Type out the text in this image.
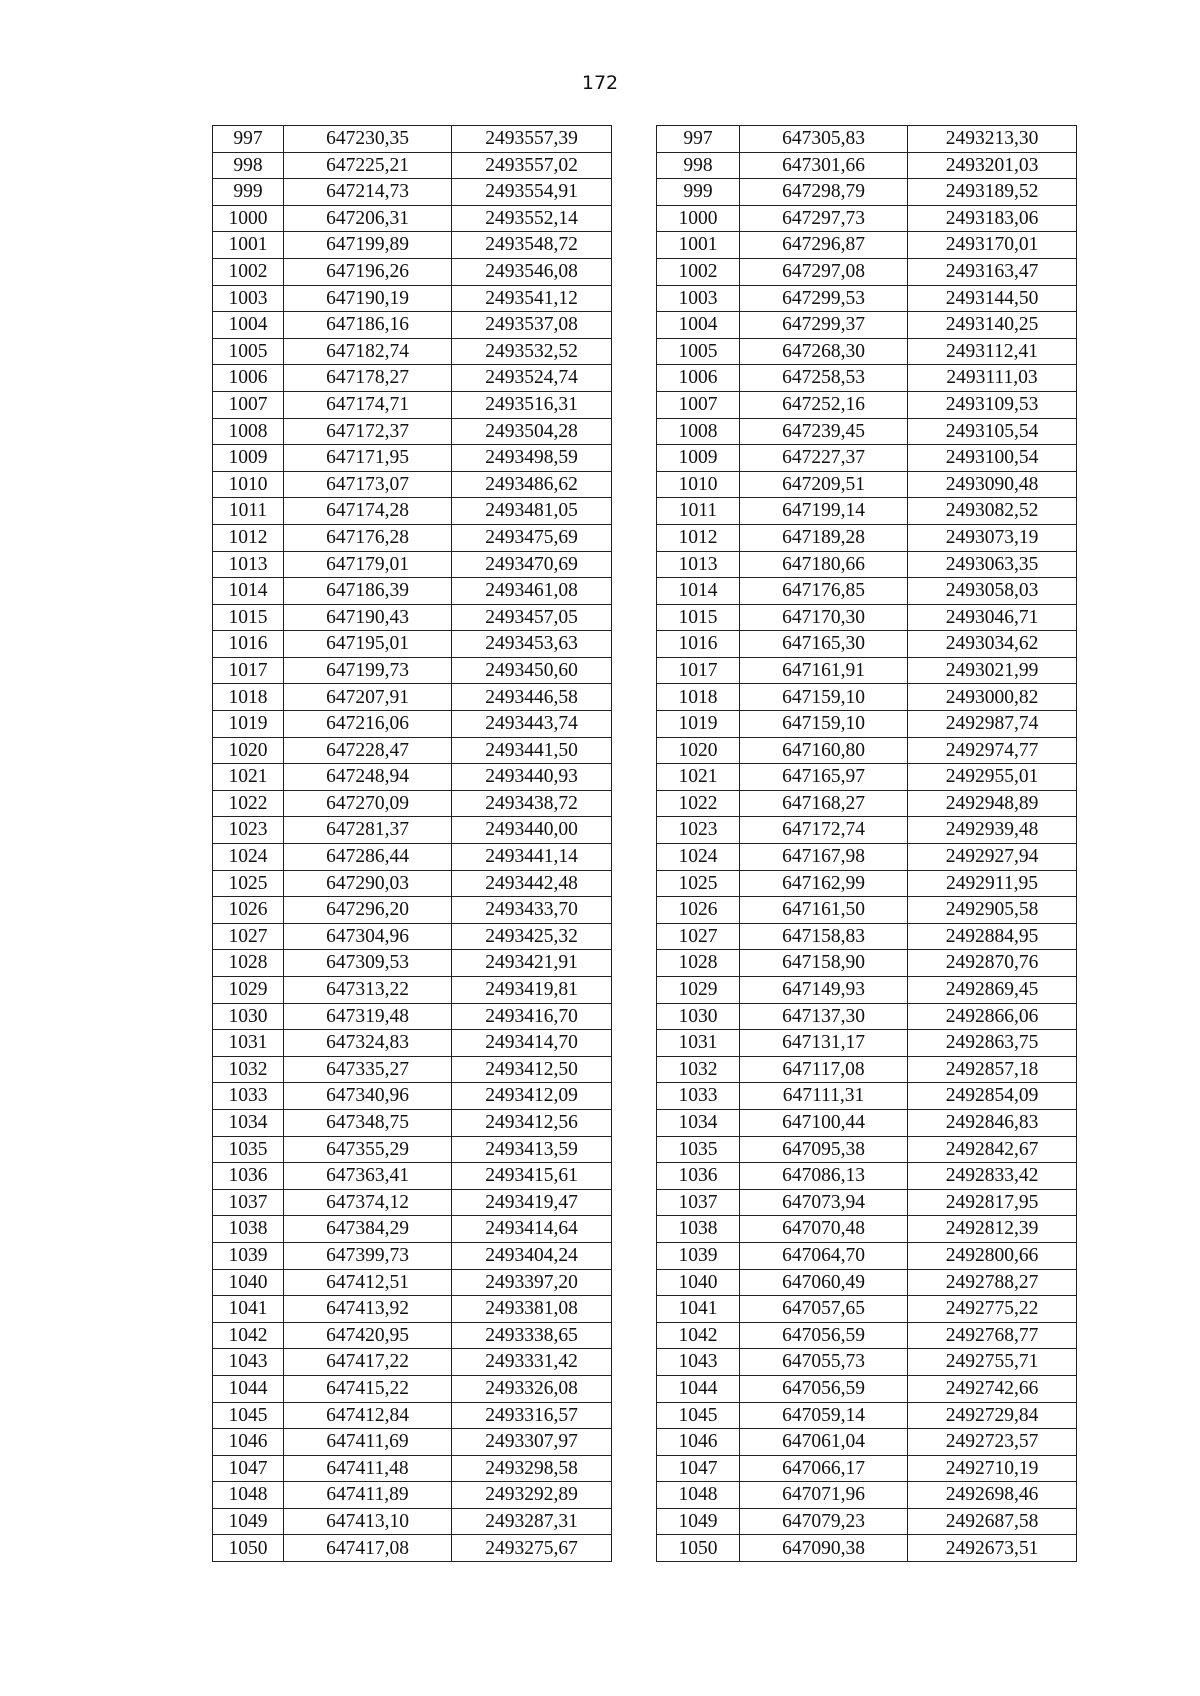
172
997	647230,35	2493557,39		997	647305,83	2493213,30
998	647225,21	2493557,02		998	647301,66	2493201,03
999	647214,73	2493554,91		999	647298,79	2493189,52
1000	647206,31	2493552,14		1000	647297,73	2493183,06
1001	647199,89	2493548,72		1001	647296,87	2493170,01
1002	647196,26	2493546,08		1002	647297,08	2493163,47
1003	647190,19	2493541,12		1003	647299,53	2493144,50
1004	647186,16	2493537,08		1004	647299,37	2493140,25
1005	647182,74	2493532,52		1005	647268,30	2493112,41
1006	647178,27	2493524,74		1006	647258,53	2493111,03
1007	647174,71	2493516,31		1007	647252,16	2493109,53
1008	647172,37	2493504,28		1008	647239,45	2493105,54
1009	647171,95	2493498,59		1009	647227,37	2493100,54
1010	647173,07	2493486,62		1010	647209,51	2493090,48
1011	647174,28	2493481,05		1011	647199,14	2493082,52
1012	647176,28	2493475,69		1012	647189,28	2493073,19
1013	647179,01	2493470,69		1013	647180,66	2493063,35
1014	647186,39	2493461,08		1014	647176,85	2493058,03
1015	647190,43	2493457,05		1015	647170,30	2493046,71
1016	647195,01	2493453,63		1016	647165,30	2493034,62
1017	647199,73	2493450,60		1017	647161,91	2493021,99
1018	647207,91	2493446,58		1018	647159,10	2493000,82
1019	647216,06	2493443,74		1019	647159,10	2492987,74
1020	647228,47	2493441,50		1020	647160,80	2492974,77
1021	647248,94	2493440,93		1021	647165,97	2492955,01
1022	647270,09	2493438,72		1022	647168,27	2492948,89
1023	647281,37	2493440,00		1023	647172,74	2492939,48
1024	647286,44	2493441,14		1024	647167,98	2492927,94
1025	647290,03	2493442,48		1025	647162,99	2492911,95
1026	647296,20	2493433,70		1026	647161,50	2492905,58
1027	647304,96	2493425,32		1027	647158,83	2492884,95
1028	647309,53	2493421,91		1028	647158,90	2492870,76
1029	647313,22	2493419,81		1029	647149,93	2492869,45
1030	647319,48	2493416,70		1030	647137,30	2492866,06
1031	647324,83	2493414,70		1031	647131,17	2492863,75
1032	647335,27	2493412,50		1032	647117,08	2492857,18
1033	647340,96	2493412,09		1033	647111,31	2492854,09
1034	647348,75	2493412,56		1034	647100,44	2492846,83
1035	647355,29	2493413,59		1035	647095,38	2492842,67
1036	647363,41	2493415,61		1036	647086,13	2492833,42
1037	647374,12	2493419,47		1037	647073,94	2492817,95
1038	647384,29	2493414,64		1038	647070,48	2492812,39
1039	647399,73	2493404,24		1039	647064,70	2492800,66
1040	647412,51	2493397,20		1040	647060,49	2492788,27
1041	647413,92	2493381,08		1041	647057,65	2492775,22
1042	647420,95	2493338,65		1042	647056,59	2492768,77
1043	647417,22	2493331,42		1043	647055,73	2492755,71
1044	647415,22	2493326,08		1044	647056,59	2492742,66
1045	647412,84	2493316,57		1045	647059,14	2492729,84
1046	647411,69	2493307,97		1046	647061,04	2492723,57
1047	647411,48	2493298,58		1047	647066,17	2492710,19
1048	647411,89	2493292,89		1048	647071,96	2492698,46
1049	647413,10	2493287,31		1049	647079,23	2492687,58
1050	647417,08	2493275,67		1050	647090,38	2492673,51
